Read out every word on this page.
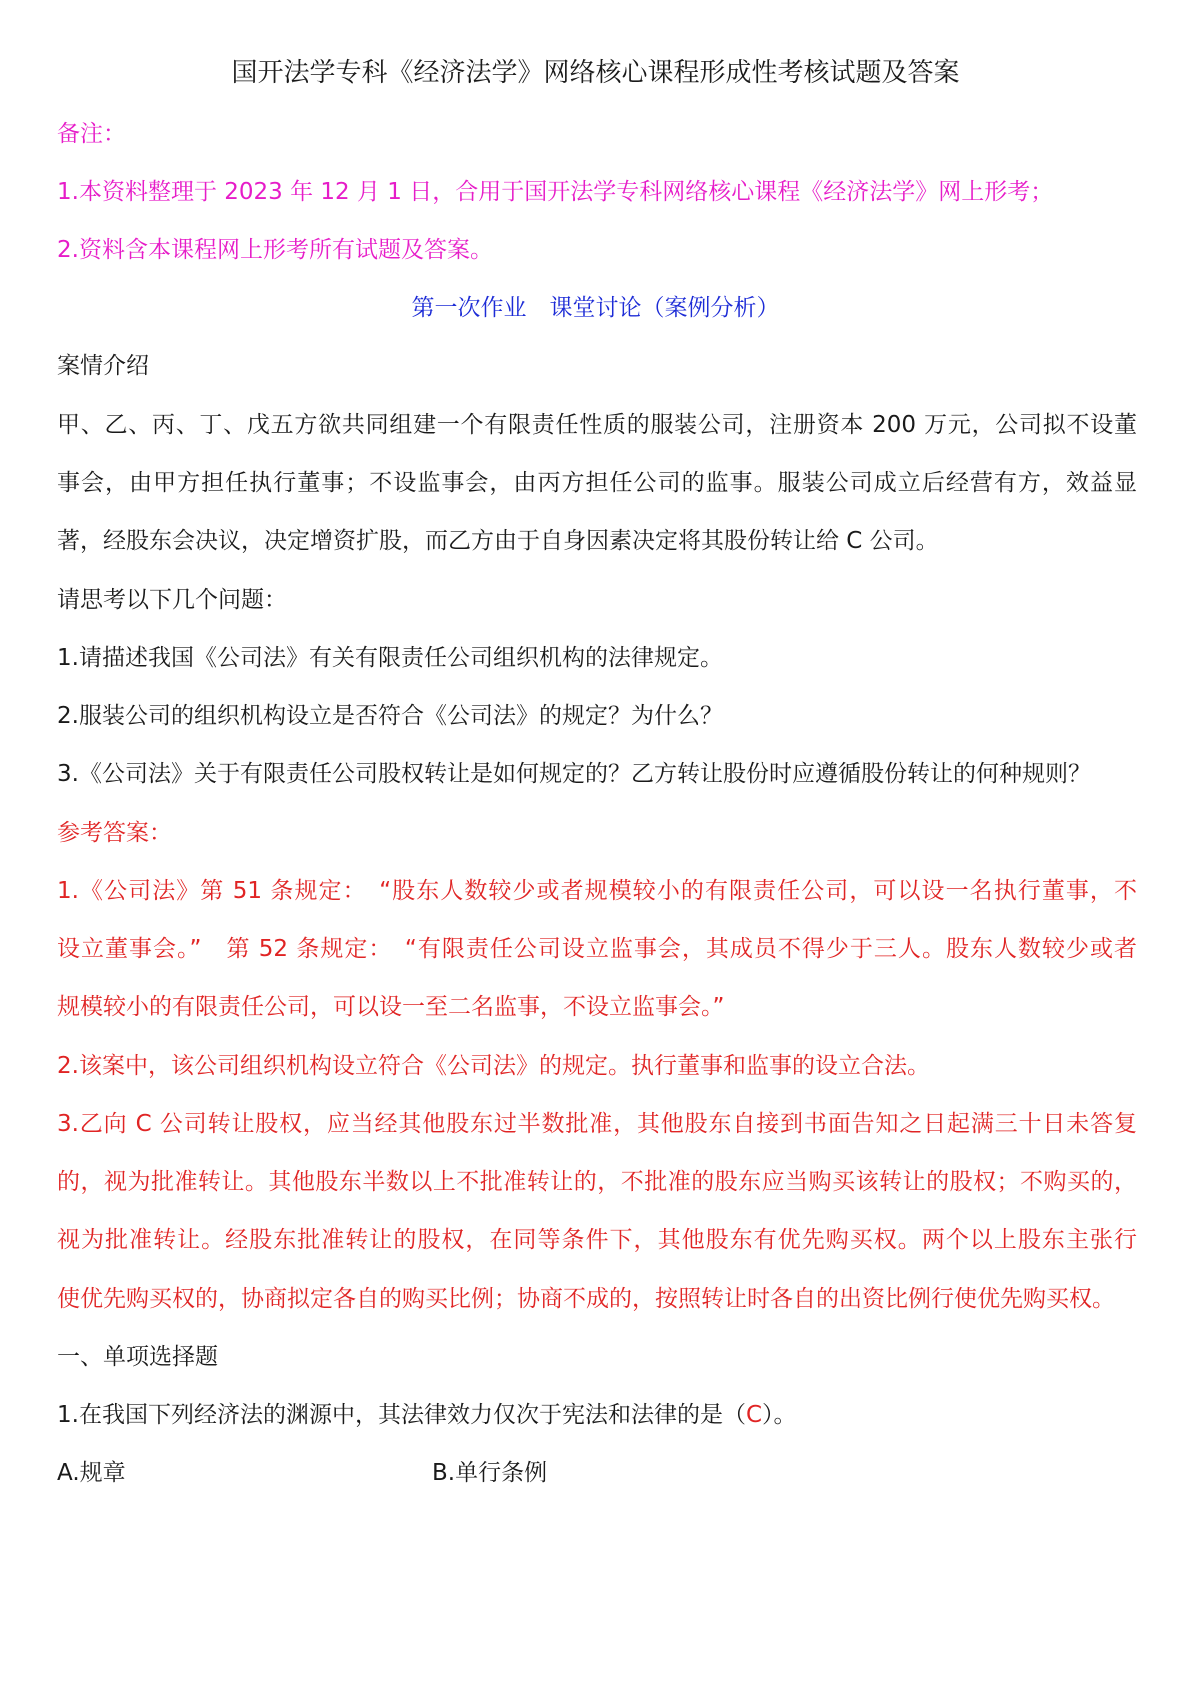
国开法学专科《经济法学》网络核心课程形成性考核试题及答案
备注：
1.本资料整理于 2023 年 12 月 1 日，合用于国开法学专科网络核心课程《经济法学》网上形考；
2.资料含本课程网上形考所有试题及答案。
第一次作业　课堂讨论（案例分析）
案情介绍
甲、乙、丙、丁、戊五方欲共同组建一个有限责任性质的服装公司，注册资本 200 万元，公司拟不设董
事会，由甲方担任执行董事；不设监事会，由丙方担任公司的监事。服装公司成立后经营有方，效益显
著，经股东会决议，决定增资扩股，而乙方由于自身因素决定将其股份转让给 C 公司。
请思考以下几个问题：
1.请描述我国《公司法》有关有限责任公司组织机构的法律规定。
2.服装公司的组织机构设立是否符合《公司法》的规定？为什么？
3.《公司法》关于有限责任公司股权转让是如何规定的？乙方转让股份时应遵循股份转让的何种规则？
参考答案：
1.《公司法》第 51 条规定：　“股东人数较少或者规模较小的有限责任公司，可以设一名执行董事，不
设立董事会。”　第 52 条规定：　“有限责任公司设立监事会，其成员不得少于三人。股东人数较少或者
规模较小的有限责任公司，可以设一至二名监事，不设立监事会。”
2.该案中，该公司组织机构设立符合《公司法》的规定。执行董事和监事的设立合法。
3.乙向 C 公司转让股权，应当经其他股东过半数批准，其他股东自接到书面告知之日起满三十日未答复
的，视为批准转让。其他股东半数以上不批准转让的，不批准的股东应当购买该转让的股权；不购买的，
视为批准转让。经股东批准转让的股权，在同等条件下，其他股东有优先购买权。两个以上股东主张行
使优先购买权的，协商拟定各自的购买比例；协商不成的，按照转让时各自的出资比例行使优先购买权。
一、单项选择题
1.在我国下列经济法的渊源中，其法律效力仅次于宪法和法律的是（C）。
A.规章	B.单行条例
